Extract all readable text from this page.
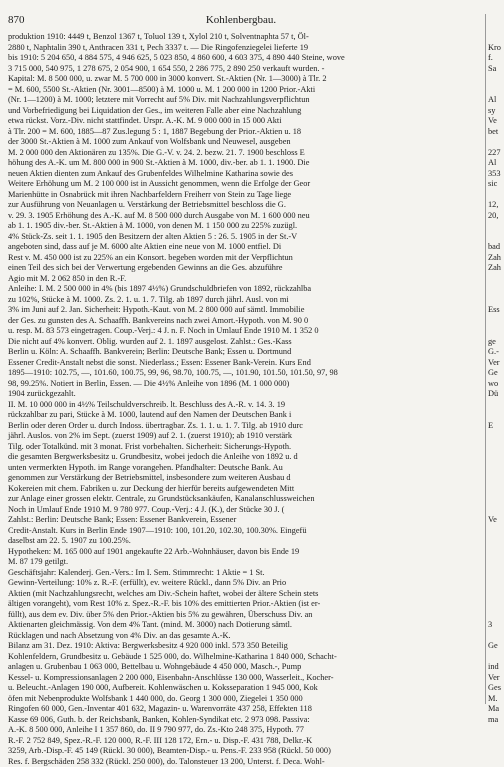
870	Kohlenbergbau.
produktion 1910: 4449 t, Benzol 1367 t, Toluol 139 t, Xylol 210 t, Solventnaphta 57 t, Öl-
2880 t, Naphtalin 390 t, Anthracen 331 t, Pech 3337 t. — Die Ringofenziegelei lieferte 19
bis 1910: 5 204 650, 4 884 575, 4 946 625, 5 023 850, 4 860 600, 4 603 375, 4 890 440 Steine, wove
3 715 000, 540 975, 1 278 675, 2 054 900, 1 654 550, 2 286 775, 2 890 250 verkauft wurden. -
Kapital: M. 8 500 000, u. zwar M. 5 700 000 in 3000 konvert. St.-Aktien (Nr. 1—3000) à Tlr. 2
= M. 600, 5500 St.-Aktien (Nr. 3001—8500) à M. 1000 u. M. 1 200 000 in 1200 Prior.-Akti
(Nr. 1—1200) à M. 1000; letztere mit Vorrecht auf 5% Div. mit Nachzahlungsverpflichtun
und Vorbefriedigung bei Liquidation der Ges., im weiteren Falle aber eine Nachzahlung
etwa rückst. Vorz.-Div. nicht stattfindet. Urspr. A.-K. M. 9 000 000 in 15 000 Akti
à Tlr. 200 = M. 600, 1885—87 Zus.legung 5 : 1, 1887 Begebung der Prior.-Aktien u. 18
der 3000 St.-Aktien à M. 1000 zum Ankauf von Wolfsbank und Neuwesel, ausgeben
M. 2 000 000 den Aktionären zu 135%. Die G.-V. v. 24. 2. bezw. 21. 7. 1900 beschloss E
höhung des A.-K. um M. 800 000 in 900 St.-Aktien à M. 1000, div.-ber. ab 1. 1. 1900. Die
neuen Aktien dienten zum Ankauf des Grubenfeldes Wilhelmine Katharina sowie des
Weitere Erhöhung um M. 2 100 000 ist in Aussicht genommen, wenn die Erfolge der Geor
Marienhütte in Osnabrück mit ihren Nachbarfeldern Freiherr von Stein zu Tage liege
zur Ausführung von Neuanlagen u. Verstärkung der Betriebsmittel beschloss die G.
v. 29. 3. 1905 Erhöhung des A.-K. auf M. 8 500 000 durch Ausgabe von M. 1 600 000 neu
ab 1. 1. 1905 div.-ber. St.-Aktien à M. 1000, von denen M. 1 150 000 zu 225% zuzügl.
4% Stück-Zs. seit 1. 1. 1905 den Besitzern der alten Aktien 5 : 26. 5. 1905 in der St.-V
angeboten sind, dass auf je M. 6000 alte Aktien eine neue von M. 1000 entfiel. Di
Rest v. M. 450 000 ist zu 225% an ein Konsort. begeben worden mit der Verpflichtun
einen Teil des sich bei der Verwertung ergebenden Gewinns an die Ges. abzuführe
Agio mit M. 2 062 850 in den R.-F.
Anleihe: I. M. 2 500 000 in 4% (bis 1897 4½%) Grundschuldbriefen von 1892, rückzahlba
zu 102%, Stücke à M. 1000. Zs. 2. 1. u. 1. 7. Tilg. ab 1897 durch jährl. Ausl. von mi
3% im Juni auf 2. Jan. Sicherheit: Hypoth.-Kaut. von M. 2 800 000 auf sämtl. Immobilie
der Ges. zu gunsten des A. Schaaffh. Bankvereins nach zwei Amort.-Hypoth. von M. 90 0
u. resp. M. 83 573 eingetragen. Coup.-Verj.: 4 J. n. F. Noch in Umlauf Ende 1910 M. 1 352 0
Die nicht auf 4% konvert. Oblig. wurden auf 2. 1. 1897 ausgelost. Zahlst.: Ges.-Kass
Berlin u. Köln: A. Schaaffh. Bankverein; Berlin: Deutsche Bank; Essen u. Dortmund
Essener Credit-Anstalt nebst die sonst. Niederlass.; Essen: Essener Bank-Verein. Kurs End
1895—1910: 102.75, —, 101.60, 100.75, 99, 96, 98.70, 100.75, —, 101.90, 101.50, 101.50, 97, 98
98, 99.25%. Notiert in Berlin, Essen. — Die 4½% Anleihe von 1896 (M. 1 000 000)
1904 zurückgezahlt.
II. M. 10 000 000 in 4½% Teilschuldverschreib. lt. Beschluss des A.-R. v. 14. 3. 19
rückzahlbar zu pari, Stücke à M. 1000, lautend auf den Namen der Deutschen Bank i
Berlin oder deren Order u. durch Indoss. übertragbar. Zs. 1. 1. u. 1. 7. Tilg. ab 1910 durc
jährl. Auslos. von 2% im Sept. (zuerst 1909) auf 2. 1. (zuerst 1910); ab 1910 verstärk
Tilg. oder Totalkünd. mit 3 monat. Frist vorbehalten. Sicherheit: Sicherungs-Hypoth.
die gesamten Bergwerksbesitz u. Grundbesitz, wobei jedoch die Anleihe von 1892 u. d
unten vermerkten Hypoth. im Range vorangehen. Pfandhalter: Deutsche Bank. Au
genommen zur Verstärkung der Betriebsmittel, insbesondere zum weiteren Ausbau d
Kokereien mit chem. Fabriken u. zur Deckung der hierfür bereits aufgewendeten Mitt
zur Anlage einer grossen elektr. Centrale, zu Grundstücksankäufen, Kanalanschlussweichen
Noch in Umlauf Ende 1910 M. 9 780 977. Coup.-Verj.: 4 J. (K.), der Stücke 30 J. (
Zahlst.: Berlin: Deutsche Bank; Essen: Essener Bankverein, Essener
Credit-Anstalt. Kurs in Berlin Ende 1907—1910: 100, 101.20, 102.30, 100.30%. Eingefü
daselbst am 22. 5. 1907 zu 100.25%.
Hypotheken: M. 165 000 auf 1901 angekaufte 22 Arb.-Wohnhäuser, davon bis Ende 19
M. 87 179 getilgt.
Geschäftsjahr: Kalenderj. Gen.-Vers.: Im I. Sem. Stimmrecht: 1 Aktie = 1 St.
Gewinn-Verteilung: 10% z. R.-F. (erfüllt), ev. weitere Rückl., dann 5% Div. an Prio
Aktien (mit Nachzahlungsrecht, welches am Div.-Schein haftet, wobei der ältere Schein stets
ältigen vorangeht), vom Rest 10% z. Spez.-R.-F. bis 10% des emittierten Prior.-Aktien (ist er-
füllt), aus dem ev. Div. über 5% den Prior.-Aktien bis 5% zu gewähren, Überschuss Div. an
Aktienarten gleichmässig. Von dem 4% Tant. (mind. M. 3000) nach Dotierung sämtl.
Rücklagen und nach Absetzung von 4% Div. an das gesamte A.-K.
Bilanz am 31. Dez. 1910: Aktiva: Bergwerksbesitz 4 920 000 inkl. 573 350 Beteilig
Kohlenfeldern, Grundbesitz u. Gebäude 1 525 000, do. Wilhelmine-Katharina 1 840 000, Schacht-
anlagen u. Grubenbau 1 063 000, Bettelbau u. Wohngebäude 4 450 000, Masch.-, Pump
Kessel- u. Kompressionsanlagen 2 200 000, Eisenbahn-Anschlüsse 130 000, Wasserleit., Kocher-
u. Beleucht.-Anlagen 190 000, Aufbereit. Kohlenwäschen u. Koksseparation 1 945 000, Kok
öfen mit Nebenprodukte Wolfsbank 1 440 000, do. Georg 1 300 000, Ziegelei 1 350 000
Ringofen 60 000, Gen.-Inventar 401 632, Magazin- u. Warenvorräte 437 258, Effekten 118
Kasse 69 006, Guth. b. der Reichsbank, Banken, Kohlen-Syndikat etc. 2 973 098. Passiva:
A.-K. 8 500 000, Anleihe I 1 357 860, do. II 9 790 977, do. Zs.-Kto 248 375, Hypoth. 77
R.-F. 2 752 849, Spez.-R.-F. 120 000, R.-F. III 128 172, Ern.- u. Disp.-F. 431 788, Delkr.-K
3259, Arb.-Disp.-F. 45 149 (Rückl. 30 000), Beamten-Disp.- u. Pens.-F. 233 958 (Rückl. 50 000)
Res. f. Bergschäden 258 332 (Rückl. 250 000), do. Talonsteuer 13 200, Unterst. f. Deca. Wohl-
Kro
f.
Sa
Al
sy
Ve
bet
227
Al
353
sic
12,
20,
bad
Zah
Zah
Ess
ge
G.-
Ver
Ge
wo
Dü
E
Ve
3
Ge
ind
Ver
Ges
M.
Ma
ma
